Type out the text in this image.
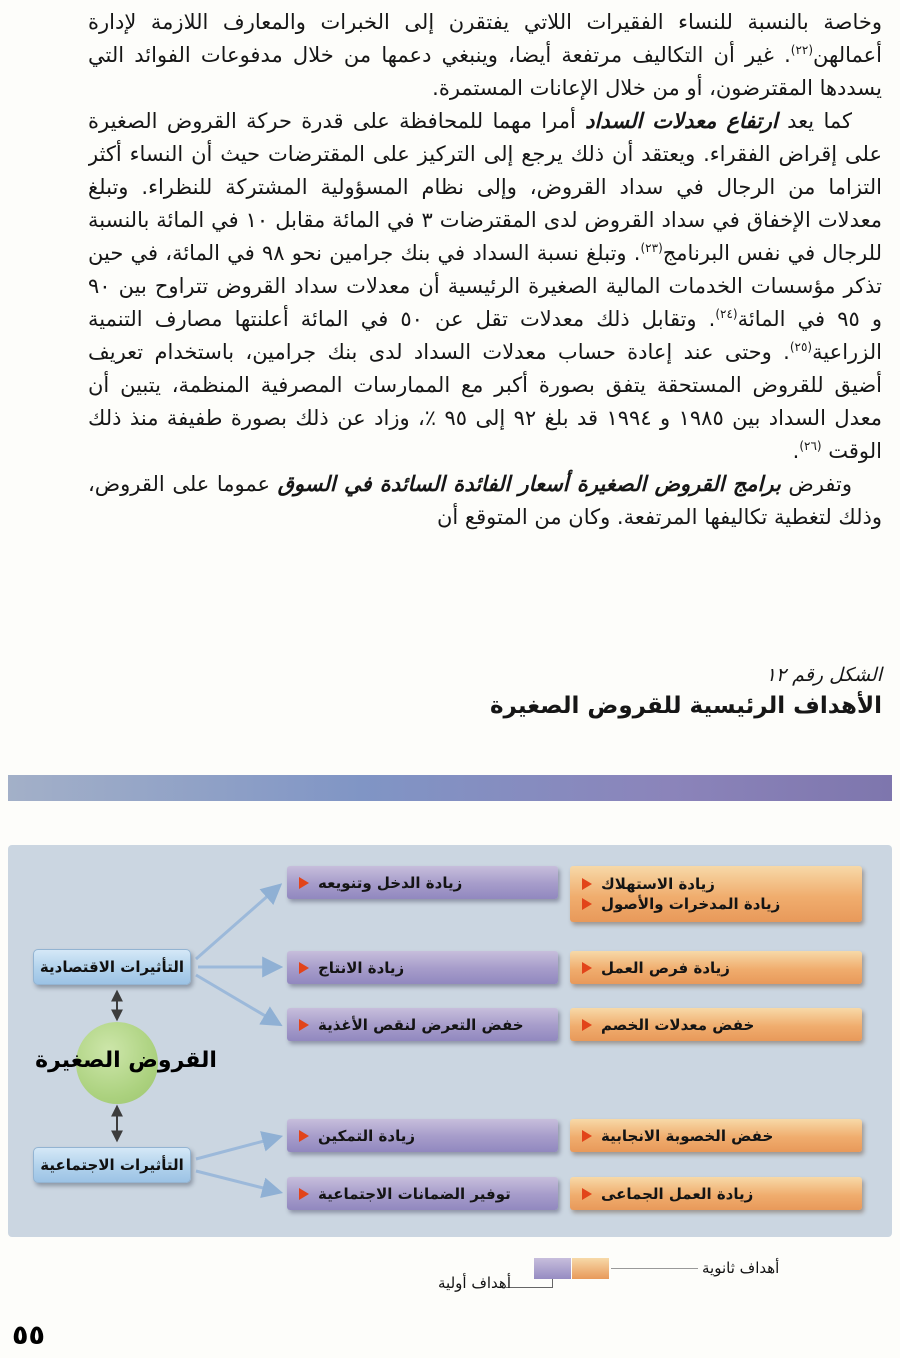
وخاصة بالنسبة للنساء الفقيرات اللاتي يفتقرن إلى الخبرات والمعارف اللازمة لإدارة أعمالهن$^{(٢٢)}$. غير أن التكاليف مرتفعة أيضا، وينبغي دعمها من خلال مدفوعات الفوائد التي يسددها المقترضون، أو من خلال الإعانات المستمرة.

كما يعد ارتفاع معدلات السداد أمرا مهما للمحافظة على قدرة حركة القروض الصغيرة على إقراض الفقراء. ويعتقد أن ذلك يرجع إلى التركيز على المقترضات حيث أن النساء أكثر التزاما من الرجال في سداد القروض، وإلى نظام المسؤولية المشتركة للنظراء. وتبلغ معدلات الإخفاق في سداد القروض لدى المقترضات ٣ في المائة مقابل ١٠ في المائة بالنسبة للرجال في نفس البرنامج$^{(٢٣)}$. وتبلغ نسبة السداد في بنك جرامين نحو ٩٨ في المائة، في حين تذكر مؤسسات الخدمات المالية الصغيرة الرئيسية أن معدلات سداد القروض تتراوح بين ٩٠ و ٩٥ في المائة$^{(٢٤)}$. وتقابل ذلك معدلات تقل عن ٥٠ في المائة أعلنتها مصارف التنمية الزراعية$^{(٢٥)}$. وحتى عند إعادة حساب معدلات السداد لدى بنك جرامين، باستخدام تعريف أضيق للقروض المستحقة يتفق بصورة أكبر مع الممارسات المصرفية المنظمة، يتبين أن معدل السداد بين ١٩٨٥ و ١٩٩٤ قد بلغ ٩٢ إلى ٩٥ ٪، وزاد عن ذلك بصورة طفيفة منذ ذلك الوقت $^{(٢٦)}$.

وتفرض برامج القروض الصغيرة أسعار الفائدة السائدة في السوق عموما على القروض، وذلك لتغطية تكاليفها المرتفعة. وكان من المتوقع أن

الشكل رقم ١٢
الأهداف الرئيسية للقروض الصغيرة
القروض الصغيرة
التأثيرات الاقتصادية
التأثيرات الاجتماعية
زيادة الدخل وتنويعه
زيادة الانتاج
خفض التعرض لنقص الأغذية
زيادة التمكين
توفير الضمانات الاجتماعية
زيادة الاستهلاك
زيادة المدخرات والأصول
زيادة فرص العمل
خفض معدلات الخصم
خفض الخصوبة الانجابية
زيادة العمل الجماعى
أهداف ثانوية
أهداف أولية
٥٥
